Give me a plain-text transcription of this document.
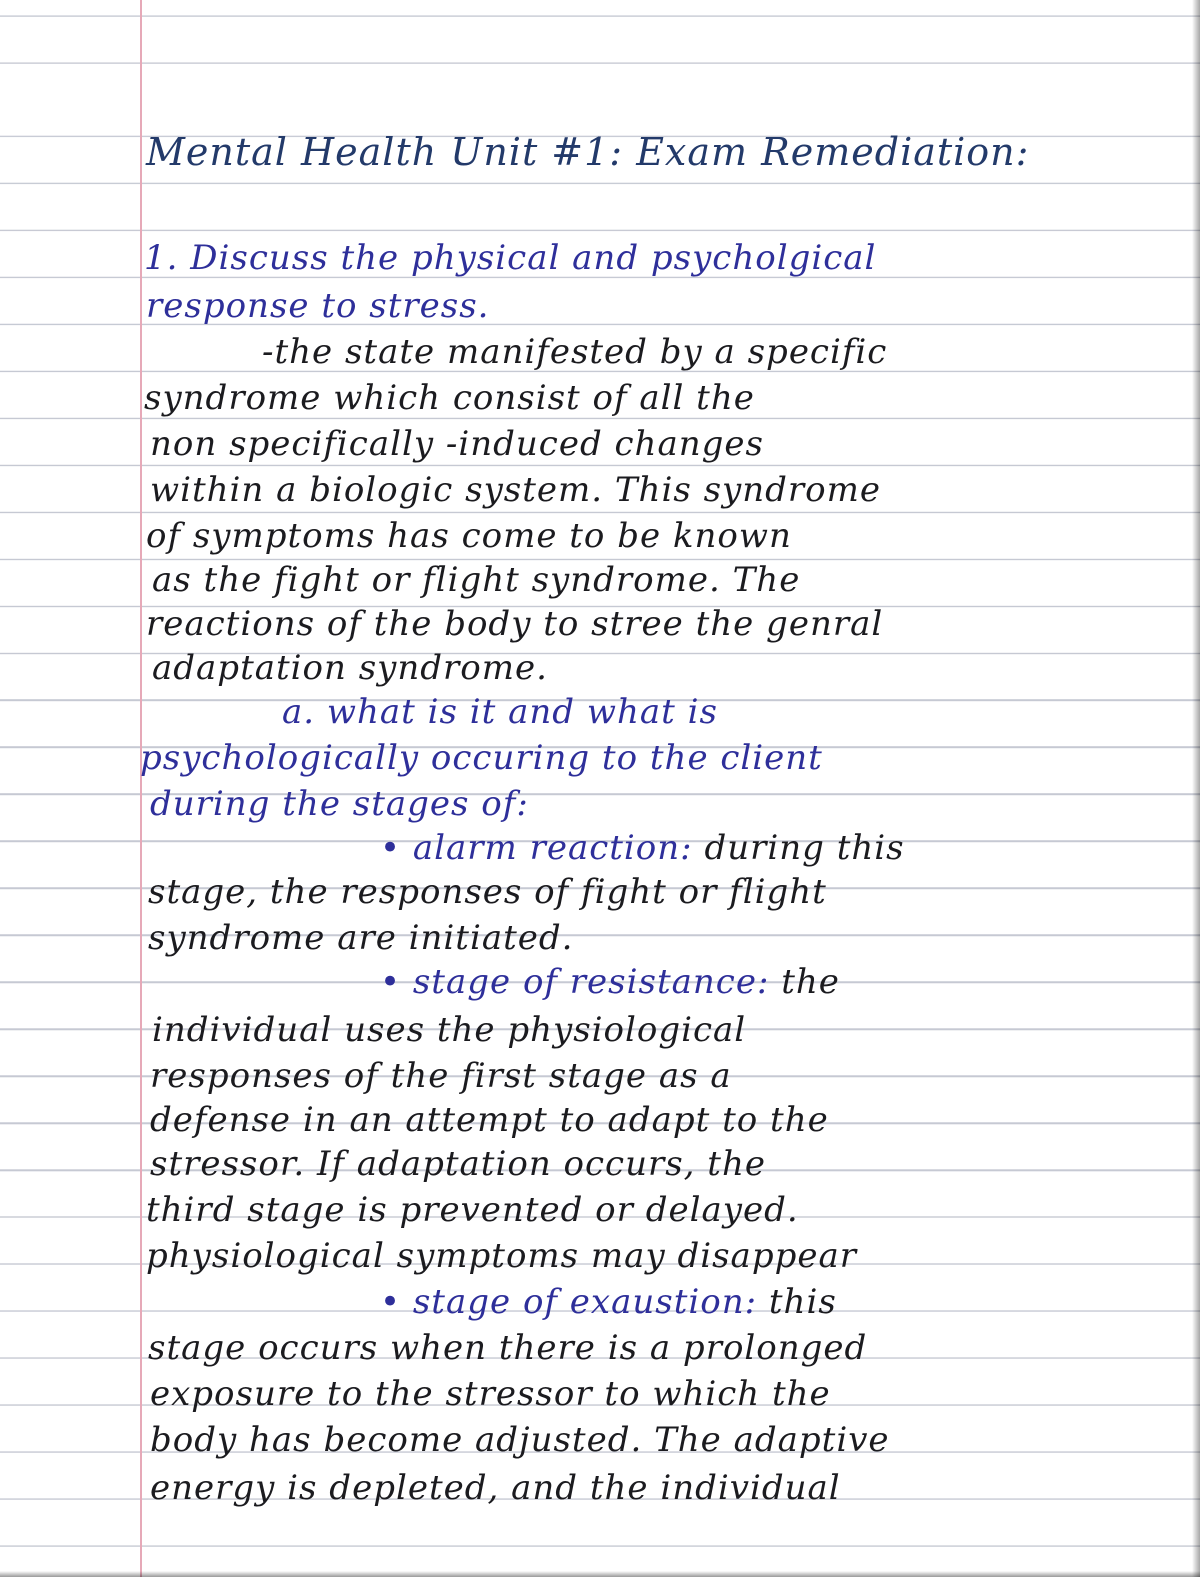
Mental Health Unit #1: Exam Remediation:
1. Discuss the physical and psycholgical
response to stress.
-the state manifested by a specific
syndrome which consist of all the
non specifically -induced changes
within a biologic system. This syndrome
of symptoms has come to be known
as the fight or flight syndrome. The
reactions of the body to stree the genral
adaptation syndrome.
a. what is it and what is
psychologically occuring to the client
during the stages of:
• alarm reaction: during this
stage, the responses of fight or flight
syndrome are initiated.
• stage of resistance: the
individual uses the physiological
responses of the first stage as a
defense in an attempt to adapt to the
stressor. If adaptation occurs, the
third stage is prevented or delayed.
physiological symptoms may disappear
• stage of exaustion: this
stage occurs when there is a prolonged
exposure to the stressor to which the
body has become adjusted. The adaptive
energy is depleted, and the individual
